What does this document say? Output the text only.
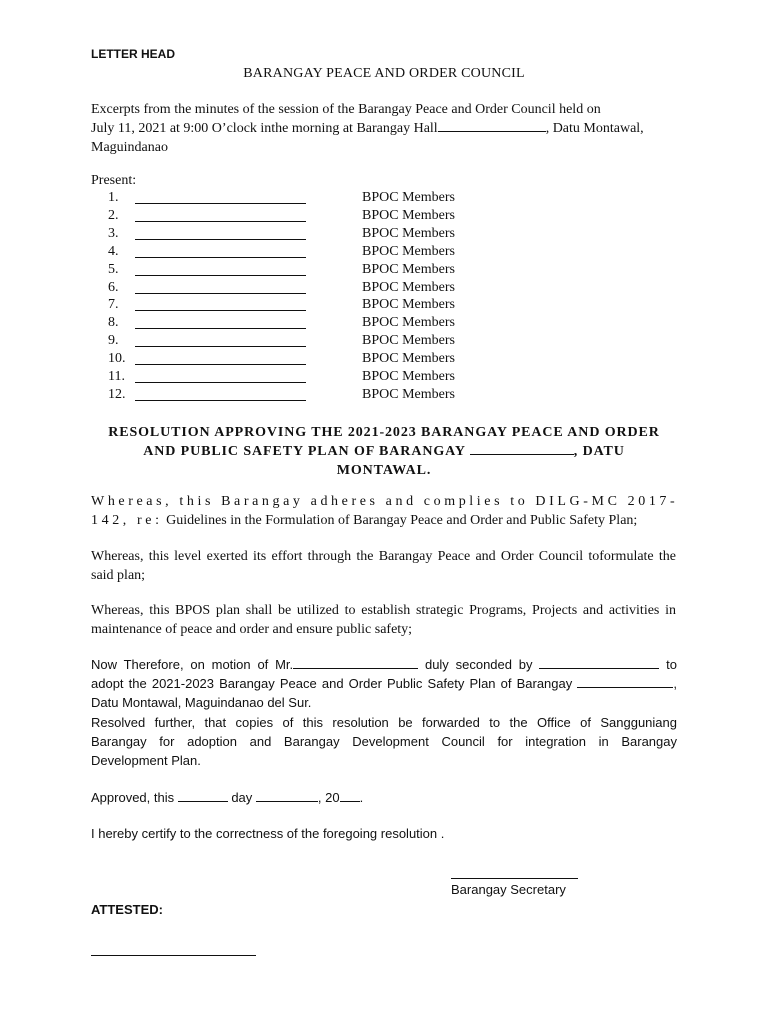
LETTER HEAD
BARANGAY PEACE AND ORDER COUNCIL
Excerpts from the minutes of the session of the Barangay Peace and Order Council held on
July 11, 2021 at 9:00 O’clock inthe morning at Barangay Hall	, Datu Montawal,
Maguindanao
Present:
1.	BPOC Members
2.	BPOC Members
3.	BPOC Members
4.	BPOC Members
5.	BPOC Members
6.	BPOC Members
7.	BPOC Members
8.	BPOC Members
9.	BPOC Members
10.	BPOC Members
11.	BPOC Members
12.	BPOC Members
RESOLUTION APPROVING THE 2021-2023 BARANGAY PEACE AND ORDER AND PUBLIC SAFETY PLAN OF BARANGAY	, DATU MONTAWAL.
Whereas, this Barangay adheres and complies to DILG-MC 2017-
142, re: Guidelines in the Formulation of Barangay Peace and Order and Public Safety Plan;
Whereas, this level exerted its effort through the Barangay Peace and Order Council toformulate the said plan;
Whereas, this BPOS plan shall be utilized to establish strategic Programs, Projects and activities in maintenance of peace and order and ensure public safety;
Now Therefore, on motion of Mr.	duly seconded by	to
adopt the 2021-2023 Barangay Peace and Order Public Safety Plan of Barangay	,
Datu Montawal, Maguindanao del Sur.
Resolved further, that copies of this resolution be forwarded to the Office of Sangguniang
Barangay for adoption and Barangay Development Council for integration in Barangay
Development Plan.
Approved, this	day	, 20 .
I hereby certify to the correctness of the foregoing resolution .
Barangay Secretary
ATTESTED:
